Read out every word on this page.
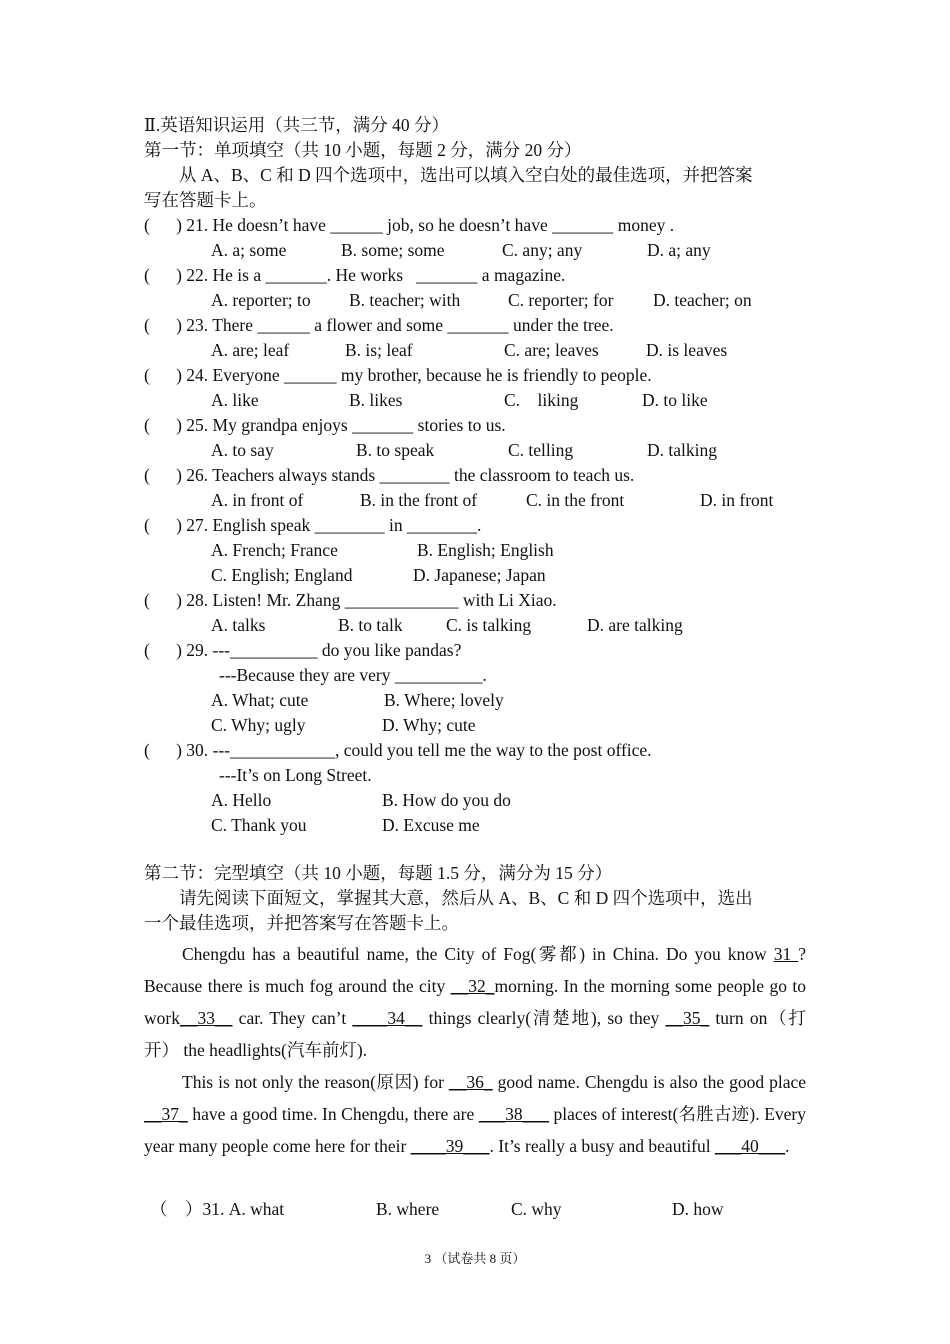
Ⅱ.英语知识运用（共三节，满分 40 分）
第一节：单项填空（共 10 小题，每题 2 分，满分 20 分）
从 A、B、C 和 D 四个选项中，选出可以填入空白处的最佳选项，并把答案
写在答题卡上。
(      ) 21. He doesn’t have ______ job, so he doesn’t have _______ money .
A. a; some	B. some; some	C. any; any	D. a; any
(      ) 22. He is a _______. He works   _______ a magazine.
A. reporter; to B. teacher; with	C. reporter; for D. teacher; on
(      ) 23. There ______ a flower and some _______ under the tree.
A. are; leaf	B. is; leaf	C. are; leaves	D. is leaves
(      ) 24. Everyone ______ my brother, because he is friendly to people.
A. like	B. likes	C.    liking	D. to like
(      ) 25. My grandpa enjoys _______ stories to us.
A. to say	B. to speak	C. telling	D. talking
(      ) 26. Teachers always stands ________ the classroom to teach us.
A. in front of	B. in the front of	C. in the front	D. in front
(      ) 27. English speak ________ in ________.
A. French; France	B. English; English
C. English; England	D. Japanese; Japan
(      ) 28. Listen! Mr. Zhang _____________ with Li Xiao.
A. talks	B. to talk C. is talking	D. are talking
(      ) 29. ---__________ do you like pandas?
---Because they are very __________.
A. What; cute	B. Where; lovely
C. Why; ugly	D. Why; cute
(      ) 30. ---____________, could you tell me the way to the post office.
---It’s on Long Street.
A. Hello	B. How do you do
C. Thank you	D. Excuse me
第二节：完型填空（共 10 小题，每题 1.5 分，满分为 15 分）
请先阅读下面短文，掌握其大意，然后从 A、B、C 和 D 四个选项中，选出
一个最佳选项，并把答案写在答题卡上。
Chengdu has a beautiful name, the City of Fog(雾都) in China. Do you know 31 ? Because there is much fog around the city __32_morning. In the morning some people go to work__33__ car. They can’t ____34__ things clearly(清楚地), so they __35_ turn on（打开） the headlights(汽车前灯).
This is not only the reason(原因) for __36_ good name. Chengdu is also the good place __37_ have a good time. In Chengdu, there are ___38___ places of interest(名胜古迹). Every year many people come here for their ____39___. It’s really a busy and beautiful ___40___.
（    ）31. A. what	B. where	C. why	D. how
3 （试卷共 8 页）
